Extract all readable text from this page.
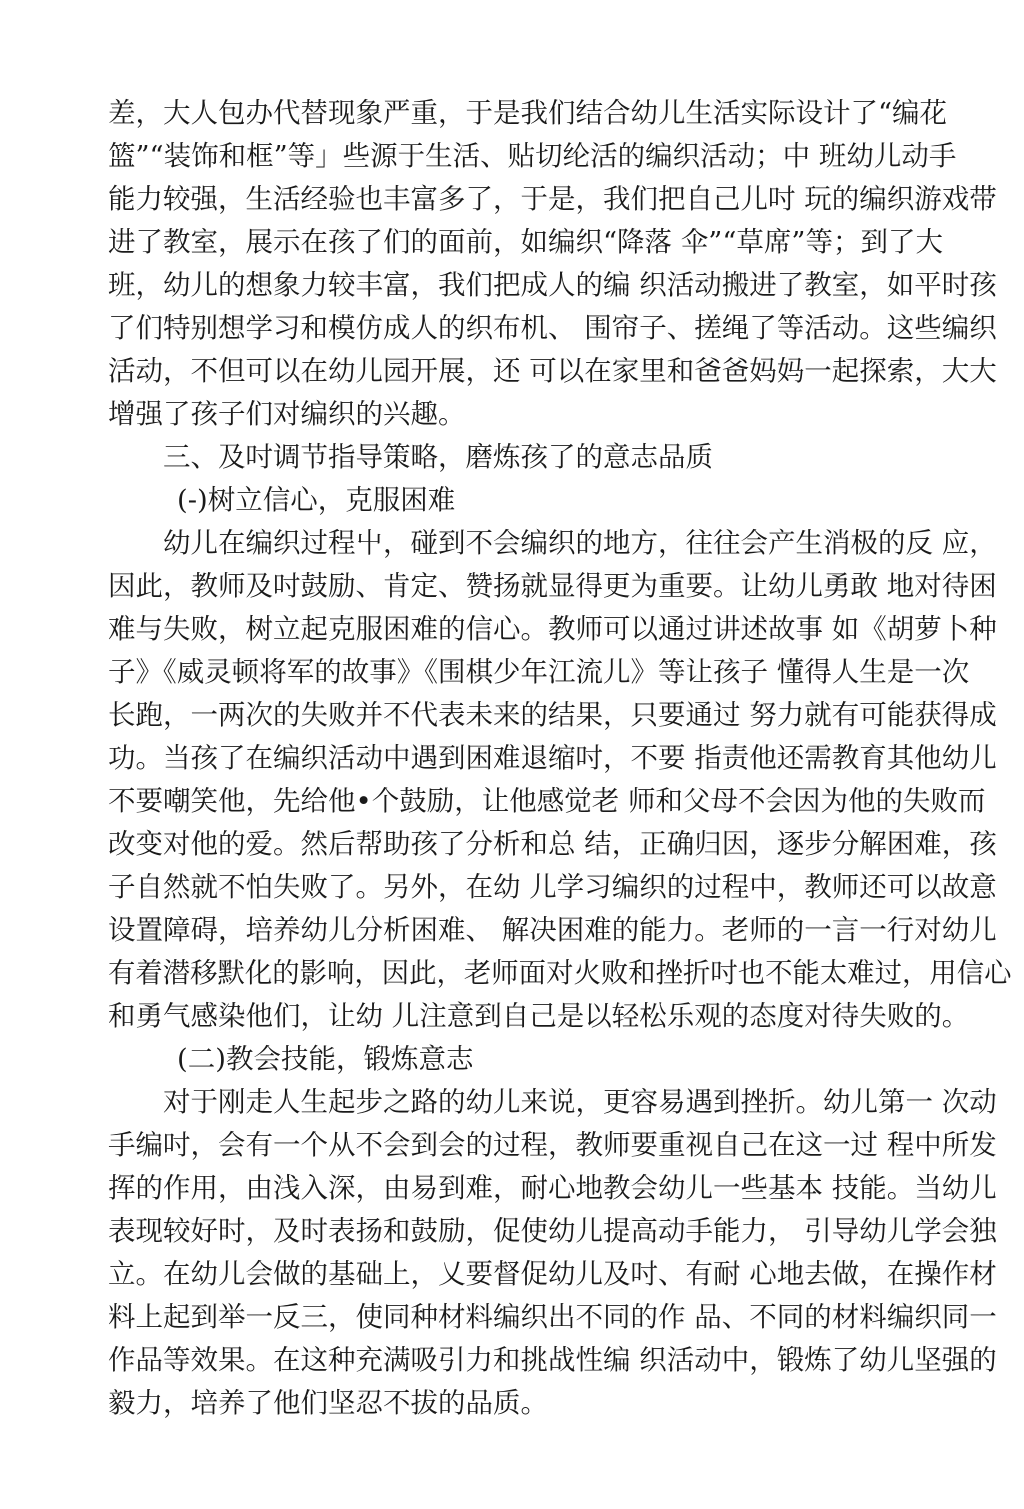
差，大人包办代替现象严重，于是我们结合幼儿生活实际设计了“编花

篮”“装饰和框”等」些源于生活、贴切纶活的编织活动；中 班幼儿动手

能力较强，生活经验也丰富多了，于是，我们把自己儿吋 玩的编织游戏带

进了教室，展示在孩了们的面前，如编织“降落 伞”“草席”等；到了大

班，幼儿的想象力较丰富，我们把成人的编 织活动搬进了教室，如平时孩

了们特别想学习和模仿成人的织布机、 围帘子、搓绳了等活动。这些编织

活动，不但可以在幼儿园开展，还 可以在家里和爸爸妈妈一起探索，大大

增强了孩子们对编织的兴趣。

三、及吋调节指导策略，磨炼孩了的意志品质

(-)树立信心，克服困难

幼儿在编织过程屮，碰到不会编织的地方，往往会产生消极的反 应，

因此，教师及吋鼓励、肯定、赞扬就显得更为重要。让幼儿勇敢 地对待困

难与失败，树立起克服困难的信心。教师可以通过讲述故事 如《胡萝卜种

子》《威灵顿将军的故事》《围棋少年江流儿》等让孩子 懂得人生是一次

长跑，一两次的失败并不代表未来的结果，只要通过 努力就有可能获得成

功。当孩了在编织活动中遇到困难退缩吋，不要 指责他还需教育其他幼儿

不要嘲笑他，先给他•个鼓励，让他感觉老 师和父母不会因为他的失败而

改变对他的爱。然后帮助孩了分析和总 结，正确归因，逐步分解困难，孩

子自然就不怕失败了。另外，在幼 儿学习编织的过程中，教师还可以故意

设置障碍，培养幼儿分析困难、 解决困难的能力。老师的一言一行对幼儿

有着潜移默化的影响，因此，老师面对火败和挫折吋也不能太难过，用信心

和勇气感染他们，让幼 儿注意到自己是以轻松乐观的态度对待失败的。

(二)教会技能，锻炼意志

对于刚走人生起步之路的幼儿来说，更容易遇到挫折。幼儿第一 次动

手编吋，会有一个从不会到会的过程，教师要重视自己在这一过 程中所发

挥的作用，由浅入深，由易到难，耐心地教会幼儿一些基本 技能。当幼儿

表现较好时，及时表扬和鼓励，促使幼儿提高动手能力， 引导幼儿学会独

立。在幼儿会做的基础上，乂要督促幼儿及吋、有耐 心地去做，在操作材

料上起到举一反三，使同种材料编织出不同的作 品、不同的材料编织同一

作品等效果。在这种充满吸引力和挑战性编 织活动中，锻炼了幼儿坚强的

毅力，培养了他们坚忍不拔的品质。
